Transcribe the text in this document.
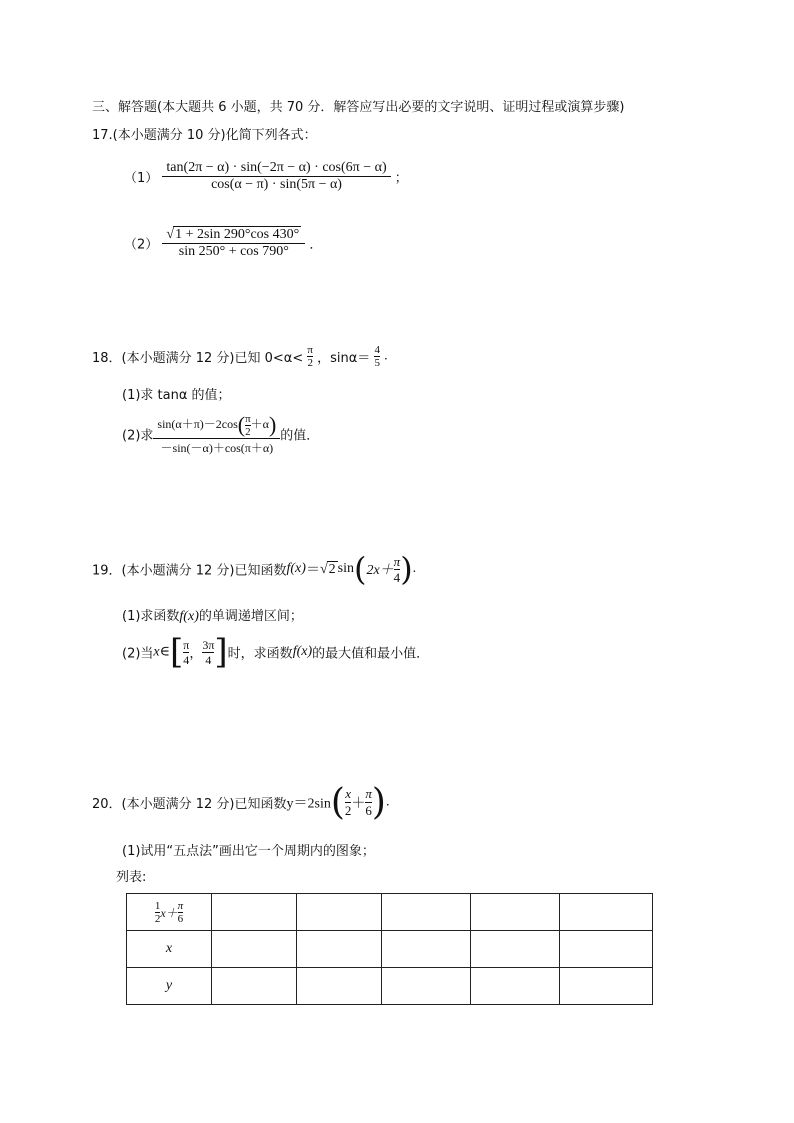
三、解答题(本大题共 6 小题，共 70 分．解答应写出必要的文字说明、证明过程或演算步骤)
17.(本小题满分 10 分)化简下列各式：
$(1) \frac{\tan(2\pi - \alpha) \cdot \sin(-2\pi - \alpha) \cdot \cos(6\pi - \alpha)}{\cos(\alpha - \pi) \cdot \sin(5\pi - \alpha)}$ ；
$(2) \frac{√1 + 2\sin 290^\circ\cos 430^\circ}{\sin 250^\circ + \cos 790^\circ}$ ．
18．(本小题满分 12 分)已知 $0<\alpha< \frac{\pi}{2}$ ，$\sin\alpha= \frac{4}{5}$ .
(1)求 tanα 的值；
(2)求 $\frac{\sin(\alpha+\pi)-2\cos(\frac{\pi}{2}+\alpha)}{-\sin(-\alpha)+\cos(\pi+\alpha)}$ 的值．
19．(本小题满分 12 分)已知函数f(x)＝√2 $\sin(2x+\frac{\pi}{4})$.
(1)求函数f(x)的单调递增区间；
(2)当$x\in[\frac{\pi}{4}$，$\frac{3\pi}{4}$]时，求函数f(x)的最大值和最小值．
20．(本小题满分 12 分)已知函数$y=2\sin(\frac{x}{2}+\frac{\pi}{6})$.
(1)试用“五点法”画出它一个周期内的图象；
列表:
$\frac{1}{2}x+\frac{\pi}{6}$					
x					
y					
